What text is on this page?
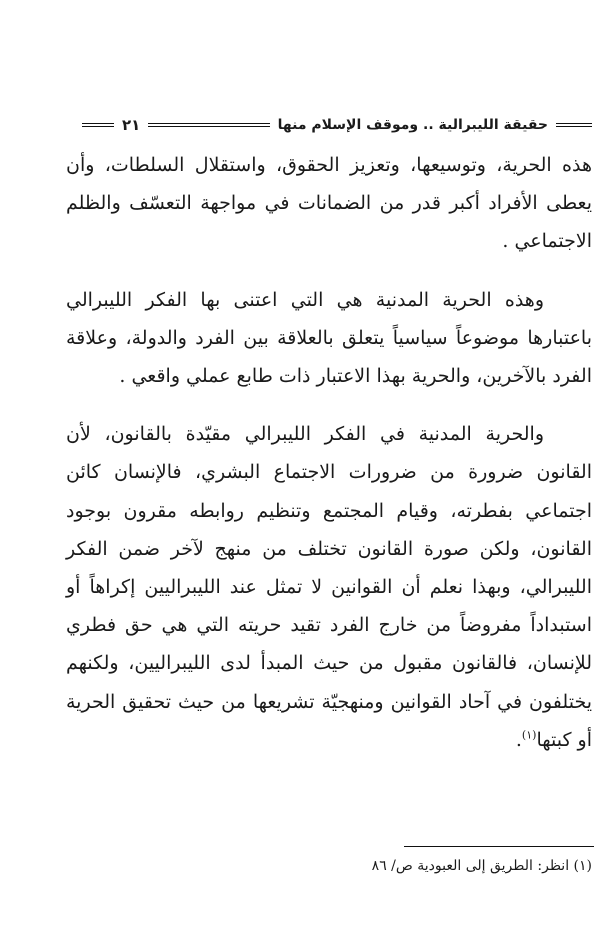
حقيقة الليبرالية .. وموقف الإسلام منها
٢١

هذه الحرية، وتوسيعها، وتعزيز الحقوق، واستقلال السلطات، وأن يعطى الأفراد أكبر قدر من الضمانات في مواجهة التعسّف والظلم الاجتماعي .

وهذه الحرية المدنية هي التي اعتنى بها الفكر الليبرالي باعتبارها موضوعاً سياسياً يتعلق بالعلاقة بين الفرد والدولة، وعلاقة الفرد بالآخرين، والحرية بهذا الاعتبار ذات طابع عملي واقعي .

والحرية المدنية في الفكر الليبرالي مقيّدة بالقانون، لأن القانون ضرورة من ضرورات الاجتماع البشري، فالإنسان كائن اجتماعي بفطرته، وقيام المجتمع وتنظيم روابطه مقرون بوجود القانون، ولكن صورة القانون تختلف من منهج لآخر ضمن الفكر الليبرالي، وبهذا نعلم أن القوانين لا تمثل عند الليبراليين إكراهاً أو استبداداً مفروضاً من خارج الفرد تقيد حريته التي هي حق فطري للإنسان، فالقانون مقبول من حيث المبدأ لدى الليبراليين، ولكنهم يختلفون في آحاد القوانين ومنهجيّة تشريعها من حيث تحقيق الحرية أو كبتها$^{(١)}$.

(١) انظر: الطريق إلى العبودية ص/ ٨٦
